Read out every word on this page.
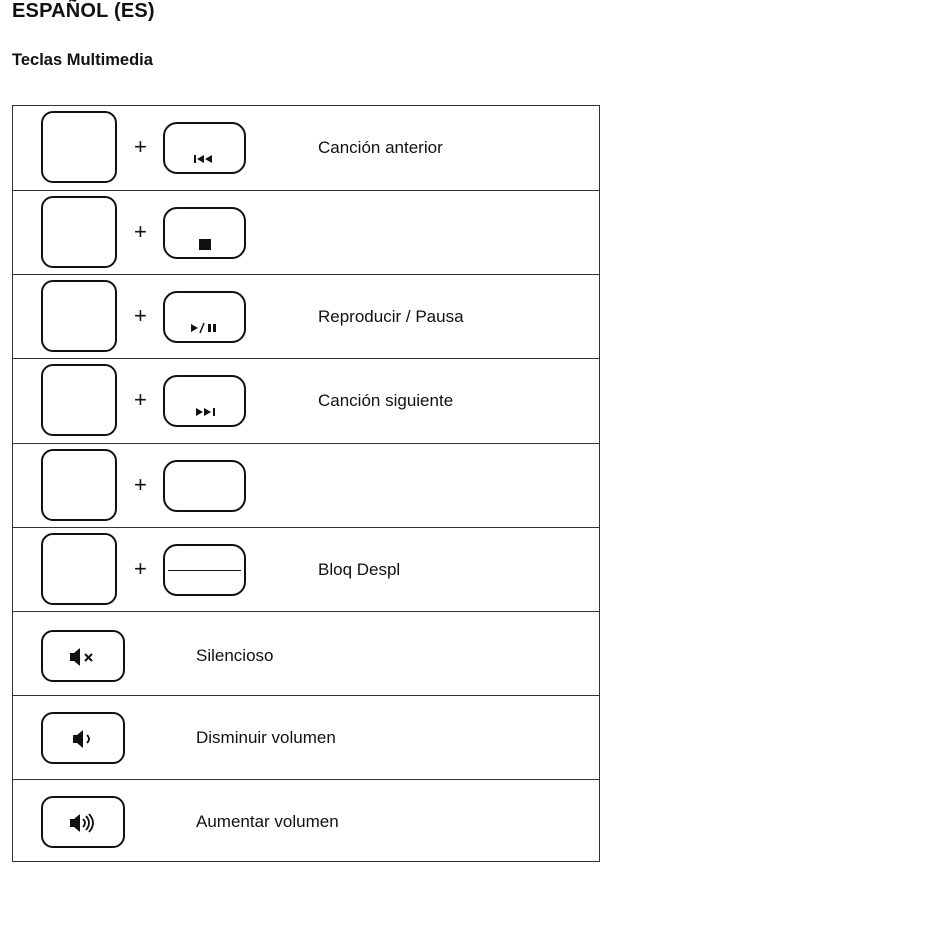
ESPAÑOL (ES)
Teclas Multimedia
+	Canción anterior
+
+	Reproducir / Pausa
+	Canción siguiente
+
+	Bloq Despl
Silencioso
Disminuir volumen
Aumentar volumen
